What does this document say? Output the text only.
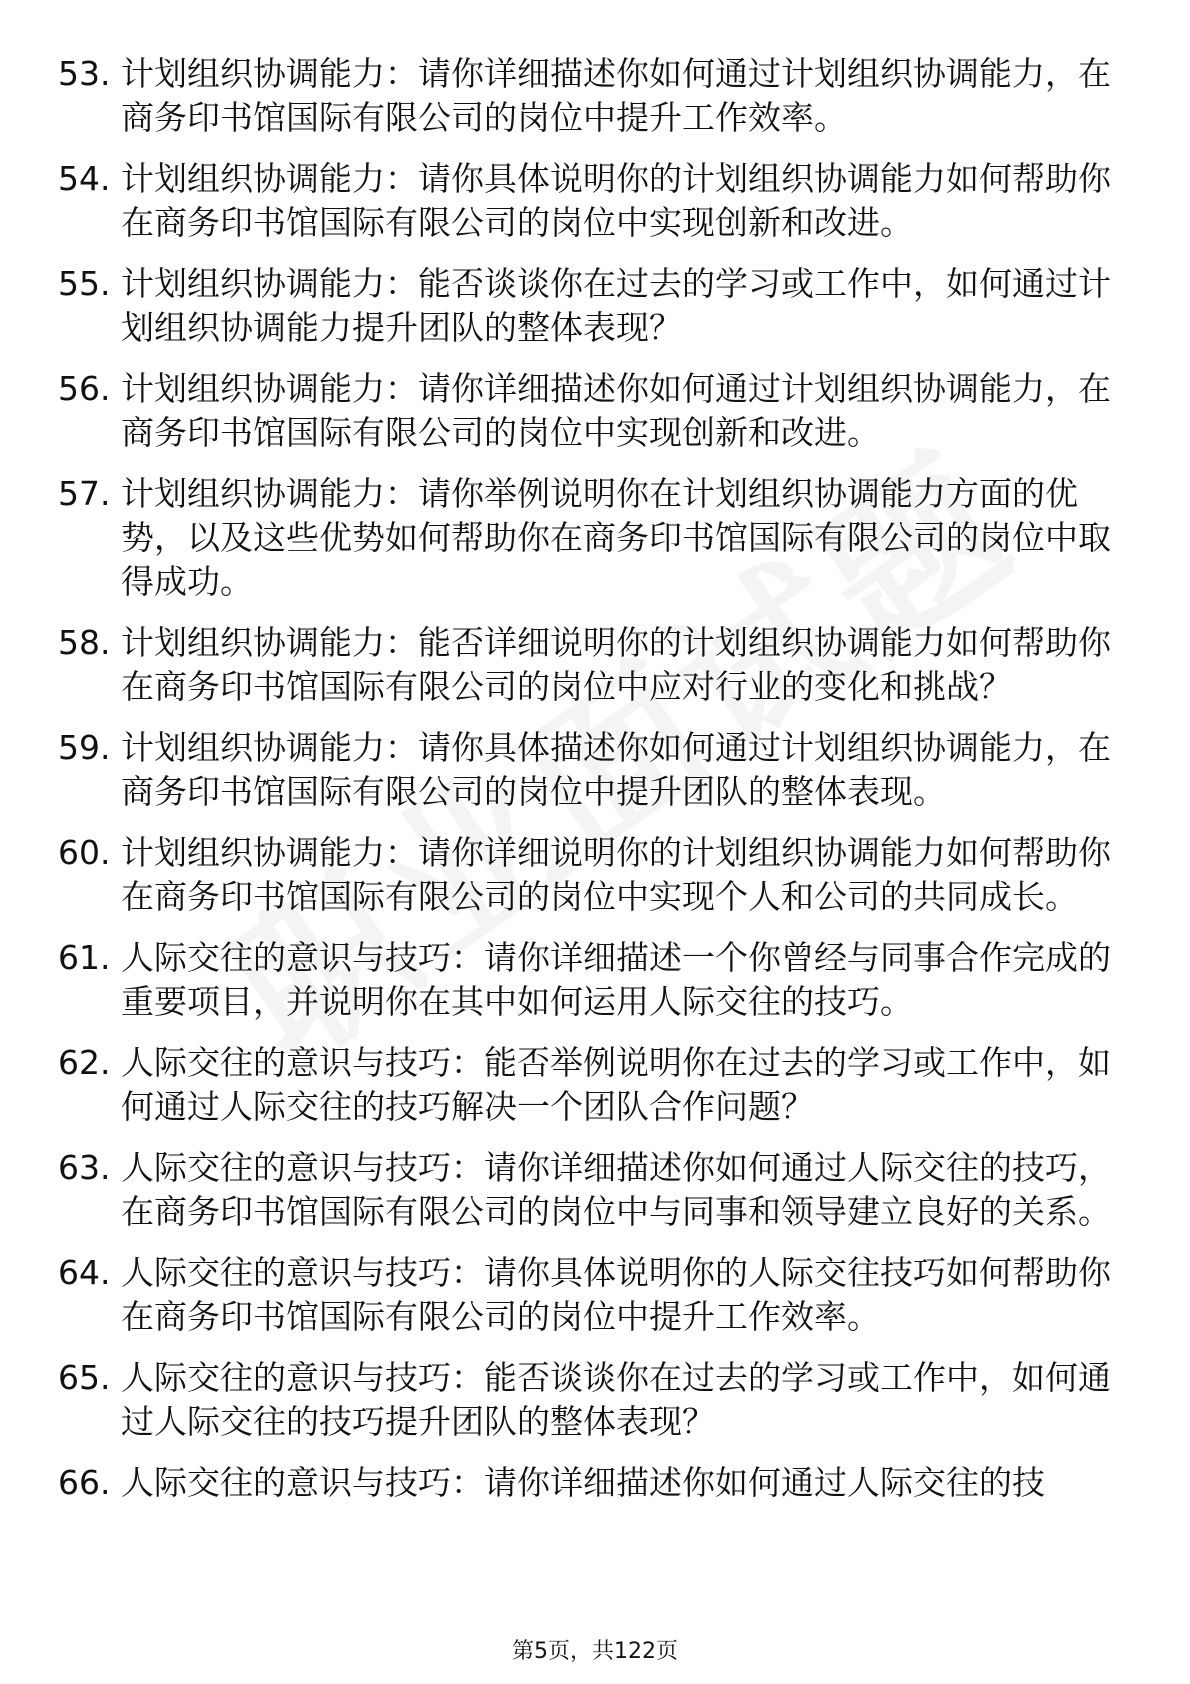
53. 计划组织协调能力：请你详细描述你如何通过计划组织协调能力，在商务印书馆国际有限公司的岗位中提升工作效率。
54. 计划组织协调能力：请你具体说明你的计划组织协调能力如何帮助你在商务印书馆国际有限公司的岗位中实现创新和改进。
55. 计划组织协调能力：能否谈谈你在过去的学习或工作中，如何通过计划组织协调能力提升团队的整体表现？
56. 计划组织协调能力：请你详细描述你如何通过计划组织协调能力，在商务印书馆国际有限公司的岗位中实现创新和改进。
57. 计划组织协调能力：请你举例说明你在计划组织协调能力方面的优势，以及这些优势如何帮助你在商务印书馆国际有限公司的岗位中取得成功。
58. 计划组织协调能力：能否详细说明你的计划组织协调能力如何帮助你在商务印书馆国际有限公司的岗位中应对行业的变化和挑战？
59. 计划组织协调能力：请你具体描述你如何通过计划组织协调能力，在商务印书馆国际有限公司的岗位中提升团队的整体表现。
60. 计划组织协调能力：请你详细说明你的计划组织协调能力如何帮助你在商务印书馆国际有限公司的岗位中实现个人和公司的共同成长。
61. 人际交往的意识与技巧：请你详细描述一个你曾经与同事合作完成的重要项目，并说明你在其中如何运用人际交往的技巧。
62. 人际交往的意识与技巧：能否举例说明你在过去的学习或工作中，如何通过人际交往的技巧解决一个团队合作问题？
63. 人际交往的意识与技巧：请你详细描述你如何通过人际交往的技巧，在商务印书馆国际有限公司的岗位中与同事和领导建立良好的关系。
64. 人际交往的意识与技巧：请你具体说明你的人际交往技巧如何帮助你在商务印书馆国际有限公司的岗位中提升工作效率。
65. 人际交往的意识与技巧：能否谈谈你在过去的学习或工作中，如何通过人际交往的技巧提升团队的整体表现？
66. 人际交往的意识与技巧：请你详细描述你如何通过人际交往的技
第5页，共122页
